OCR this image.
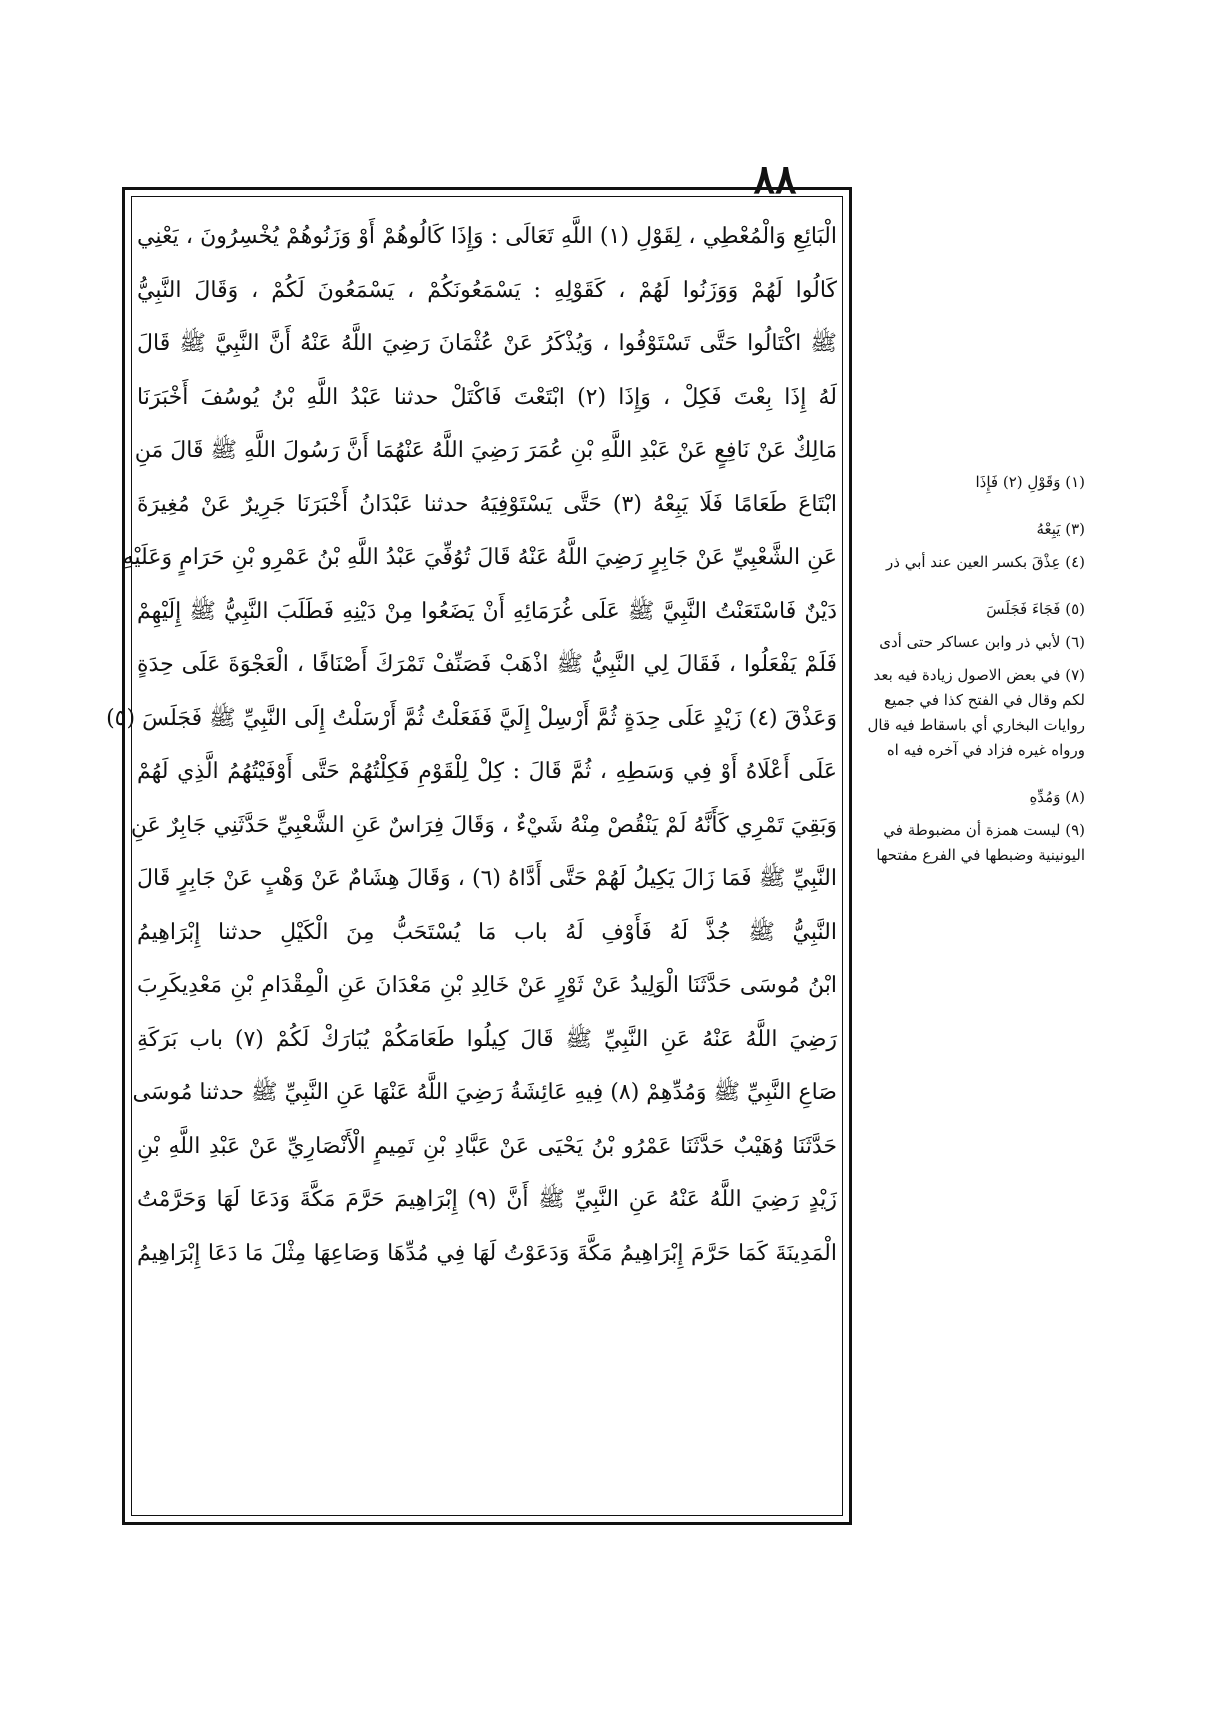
٨٨
الْبَائِعِ وَالْمُعْطِي ، لِقَوْلِ (١) اللَّهِ تَعَالَى : وَإِذَا كَالُوهُمْ أَوْ وَزَنُوهُمْ يُخْسِرُونَ ، يَعْنِي
كَالُوا لَهُمْ وَوَزَنُوا لَهُمْ ، كَقَوْلِهِ : يَسْمَعُونَكُمْ ، يَسْمَعُونَ لَكُمْ ، وَقَالَ النَّبِيُّ
ﷺ اكْتَالُوا حَتَّى تَسْتَوْفُوا ، وَيُذْكَرُ عَنْ عُثْمَانَ رَضِيَ اللَّهُ عَنْهُ أَنَّ النَّبِيَّ ﷺ قَالَ
لَهُ إِذَا بِعْتَ فَكِلْ ، وَإِذَا (٢) ابْتَعْتَ فَاكْتَلْ حدثنا عَبْدُ اللَّهِ بْنُ يُوسُفَ أَخْبَرَنَا
مَالِكٌ عَنْ نَافِعٍ عَنْ عَبْدِ اللَّهِ بْنِ عُمَرَ رَضِيَ اللَّهُ عَنْهُمَا أَنَّ رَسُولَ اللَّهِ ﷺ قَالَ مَنِ
ابْتَاعَ طَعَامًا فَلَا يَبِعْهُ (٣) حَتَّى يَسْتَوْفِيَهُ حدثنا عَبْدَانُ أَخْبَرَنَا جَرِيرٌ عَنْ مُغِيرَةَ
عَنِ الشَّعْبِيِّ عَنْ جَابِرٍ رَضِيَ اللَّهُ عَنْهُ قَالَ تُوُفِّيَ عَبْدُ اللَّهِ بْنُ عَمْرِو بْنِ حَرَامٍ وَعَلَيْهِ
دَيْنٌ فَاسْتَعَنْتُ النَّبِيَّ ﷺ عَلَى غُرَمَائِهِ أَنْ يَضَعُوا مِنْ دَيْنِهِ فَطَلَبَ النَّبِيُّ ﷺ إِلَيْهِمْ
فَلَمْ يَفْعَلُوا ، فَقَالَ لِي النَّبِيُّ ﷺ اذْهَبْ فَصَنِّفْ تَمْرَكَ أَصْنَافًا ، الْعَجْوَةَ عَلَى حِدَةٍ
وَعَذْقَ (٤) زَيْدٍ عَلَى حِدَةٍ ثُمَّ أَرْسِلْ إِلَيَّ فَفَعَلْتُ ثُمَّ أَرْسَلْتُ إِلَى النَّبِيِّ ﷺ فَجَلَسَ (٥)
عَلَى أَعْلَاهُ أَوْ فِي وَسَطِهِ ، ثُمَّ قَالَ : كِلْ لِلْقَوْمِ فَكِلْتُهُمْ حَتَّى أَوْفَيْتُهُمُ الَّذِي لَهُمْ
وَبَقِيَ تَمْرِي كَأَنَّهُ لَمْ يَنْقُصْ مِنْهُ شَيْءٌ ، وَقَالَ فِرَاسٌ عَنِ الشَّعْبِيِّ حَدَّثَنِي جَابِرٌ عَنِ
النَّبِيِّ ﷺ فَمَا زَالَ يَكِيلُ لَهُمْ حَتَّى أَدَّاهُ (٦) ، وَقَالَ هِشَامٌ عَنْ وَهْبٍ عَنْ جَابِرٍ قَالَ
النَّبِيُّ ﷺ جُذَّ لَهُ فَأَوْفِ لَهُ باب مَا يُسْتَحَبُّ مِنَ الْكَيْلِ حدثنا إِبْرَاهِيمُ
ابْنُ مُوسَى حَدَّثَنَا الْوَلِيدُ عَنْ ثَوْرٍ عَنْ خَالِدِ بْنِ مَعْدَانَ عَنِ الْمِقْدَامِ بْنِ مَعْدِيكَرِبَ
رَضِيَ اللَّهُ عَنْهُ عَنِ النَّبِيِّ ﷺ قَالَ كِيلُوا طَعَامَكُمْ يُبَارَكْ لَكُمْ (٧) باب بَرَكَةِ
صَاعِ النَّبِيِّ ﷺ وَمُدِّهِمْ (٨) فِيهِ عَائِشَةُ رَضِيَ اللَّهُ عَنْهَا عَنِ النَّبِيِّ ﷺ حدثنا مُوسَى
حَدَّثَنَا وُهَيْبٌ حَدَّثَنَا عَمْرُو بْنُ يَحْيَى عَنْ عَبَّادِ بْنِ تَمِيمٍ الْأَنْصَارِيِّ عَنْ عَبْدِ اللَّهِ بْنِ
زَيْدٍ رَضِيَ اللَّهُ عَنْهُ عَنِ النَّبِيِّ ﷺ أَنَّ (٩) إِبْرَاهِيمَ حَرَّمَ مَكَّةَ وَدَعَا لَهَا وَحَرَّمْتُ
الْمَدِينَةَ كَمَا حَرَّمَ إِبْرَاهِيمُ مَكَّةَ وَدَعَوْتُ لَهَا فِي مُدِّهَا وَصَاعِهَا مِثْلَ مَا دَعَا إِبْرَاهِيمُ
(١) وَقَوْلِ (٢) فَإِذَا
(٣) يَبِعْهُ
(٤) عِذْقَ بكسر العين عند أبي ذر
(٥) فَجَاءَ فَجَلَسَ
(٦) لأبي ذر وابن عساكر حتى أدى
(٧) في بعض الاصول زيادة فيه بعد لكم وقال في الفتح كذا في جميع روايات البخاري أي باسقاط فيه قال ورواه غيره فزاد في آخره فيه اه
(٨) وَمُدِّهِ
(٩) ليست همزة أن مضبوطة في اليونينية وضبطها في الفرع مفتحها
